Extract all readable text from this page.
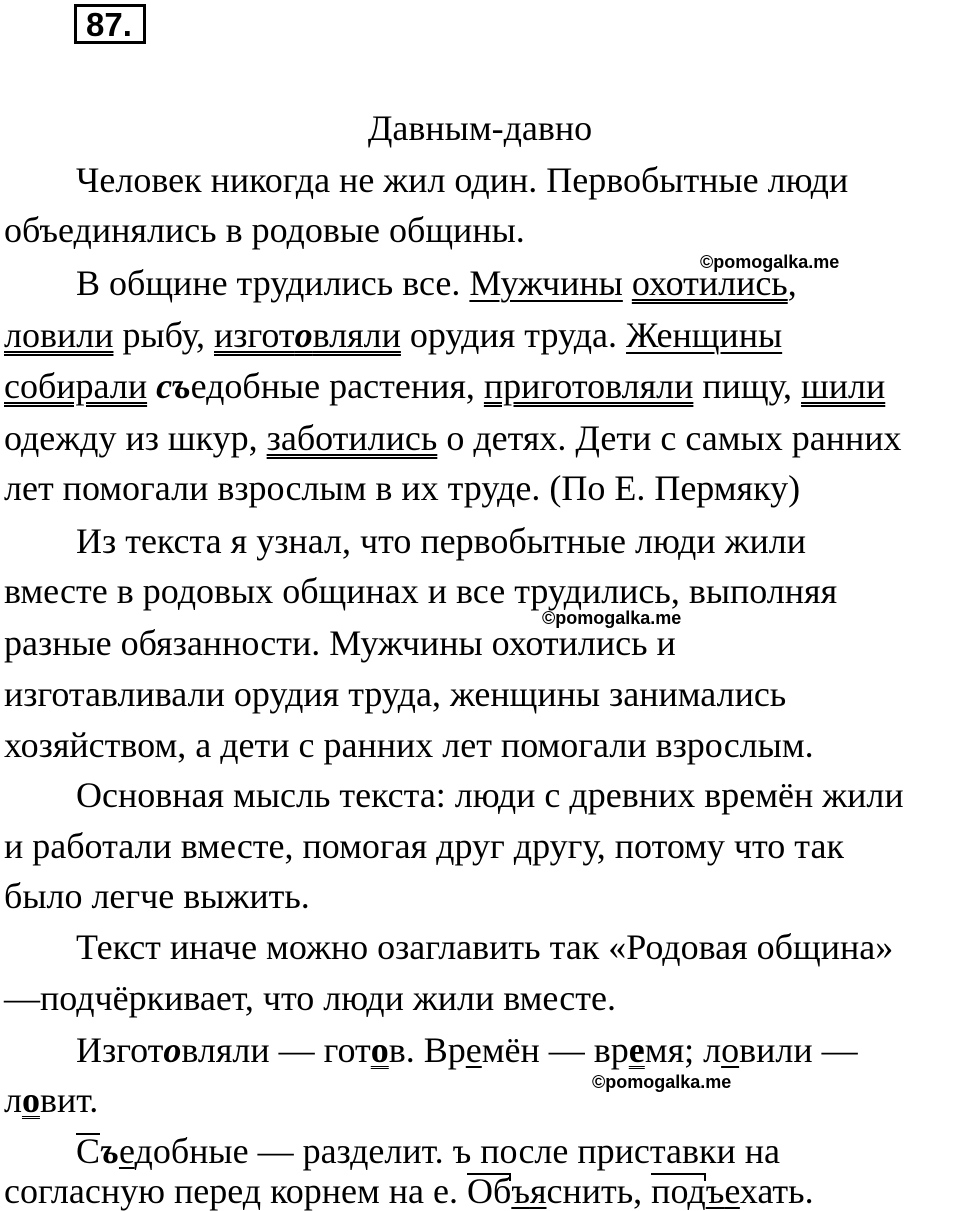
87.
Давным-давно
Человек никогда не жил один. Первобытные люди
объединялись в родовые общины.
В общине трудились все. Мужчины охотились,
ловили рыбу, изготовляли орудия труда. Женщины
собирали съедобные растения, приготовляли пищу, шили
одежду из шкур, заботились о детях. Дети с самых ранних
лет помогали взрослым в их труде. (По Е. Пермяку)
Из текста я узнал, что первобытные люди жили
вместе в родовых общинах и все трудились, выполняя
разные обязанности. Мужчины охотились и
изготавливали орудия труда, женщины занимались
хозяйством, а дети с ранних лет помогали взрослым.
Основная мысль текста: люди с древних времён жили
и работали вместе, помогая друг другу, потому что так
было легче выжить.
Текст иначе можно озаглавить так «Родовая община»
—подчёркивает, что люди жили вместе.
Изготовляли — готов. Времён — время; ловили —
ловит.
Съедобные — разделит. ъ после приставки на
согласную перед корнем на е. Объяснить, подъехать.
©pomogalka.me
©pomogalka.me
©pomogalka.me
